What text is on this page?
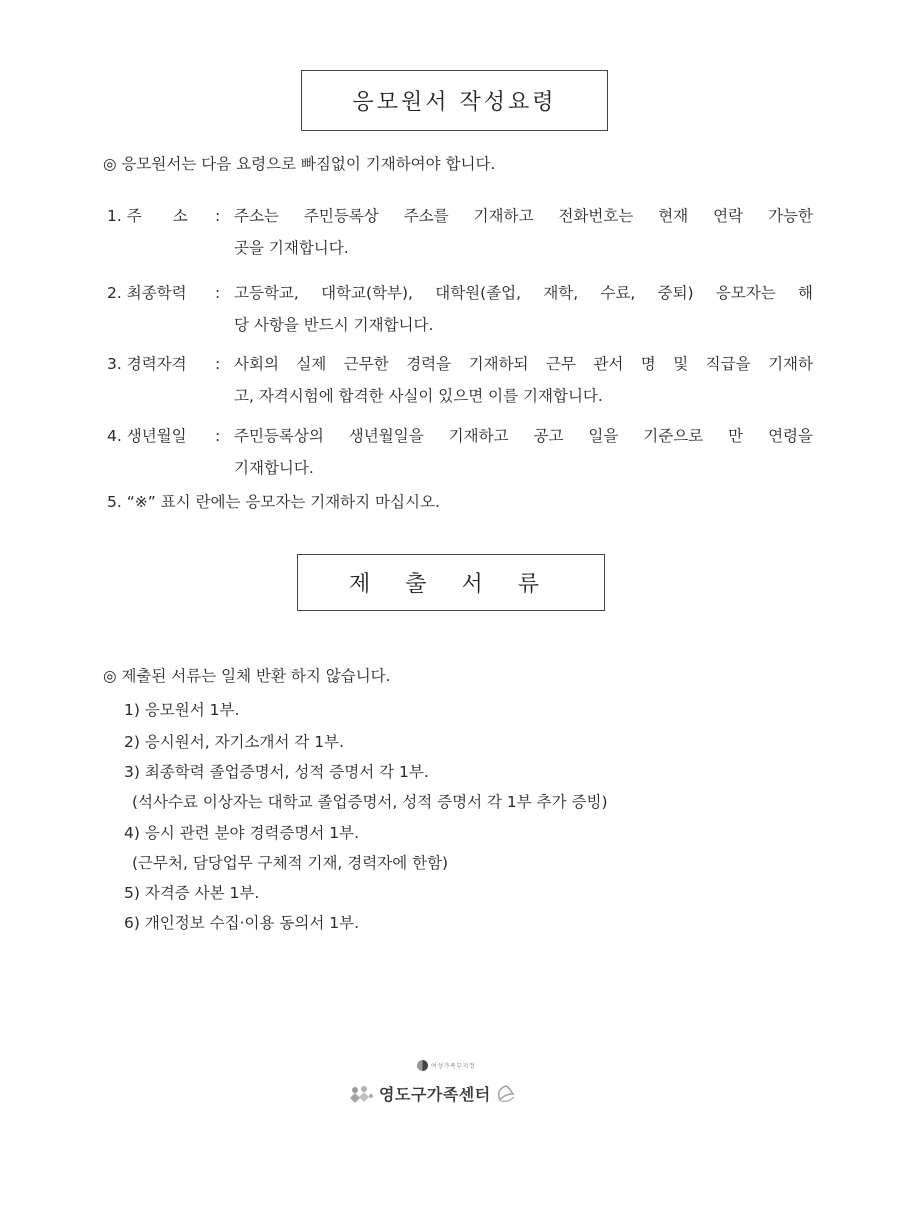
응모원서 작성요령
◎ 응모원서는 다음 요령으로 빠짐없이 기재하여야 합니다.
1. 주　　소 : 주소는 주민등록상 주소를 기재하고 전화번호는 현재 연락 가능한
곳을 기재합니다.
2. 최종학력 : 고등학교, 대학교(학부), 대학원(졸업, 재학, 수료, 중퇴) 응모자는 해
당 사항을 반드시 기재합니다.
3. 경력자격 : 사회의 실제 근무한 경력을 기재하되 근무 관서 명 및 직급을 기재하
고, 자격시험에 합격한 사실이 있으면 이를 기재합니다.
4. 생년월일 : 주민등록상의 생년월일을 기재하고 공고 일을 기준으로 만 연령을
기재합니다.
5. “※” 표시 란에는 응모자는 기재하지 마십시오.
제 출 서 류
◎ 제출된 서류는 일체 반환 하지 않습니다.
1) 응모원서 1부.
2) 응시원서, 자기소개서 각 1부.
3) 최종학력 졸업증명서, 성적 증명서 각 1부.
(석사수료 이상자는 대학교 졸업증명서, 성적 증명서 각 1부 추가 증빙)
4) 응시 관련 분야 경력증명서 1부.
(근무처, 담당업무 구체적 기재, 경력자에 한함)
5) 자격증 사본 1부.
6) 개인정보 수집·이용 동의서 1부.
여성가족부지정
영도구가족센터
